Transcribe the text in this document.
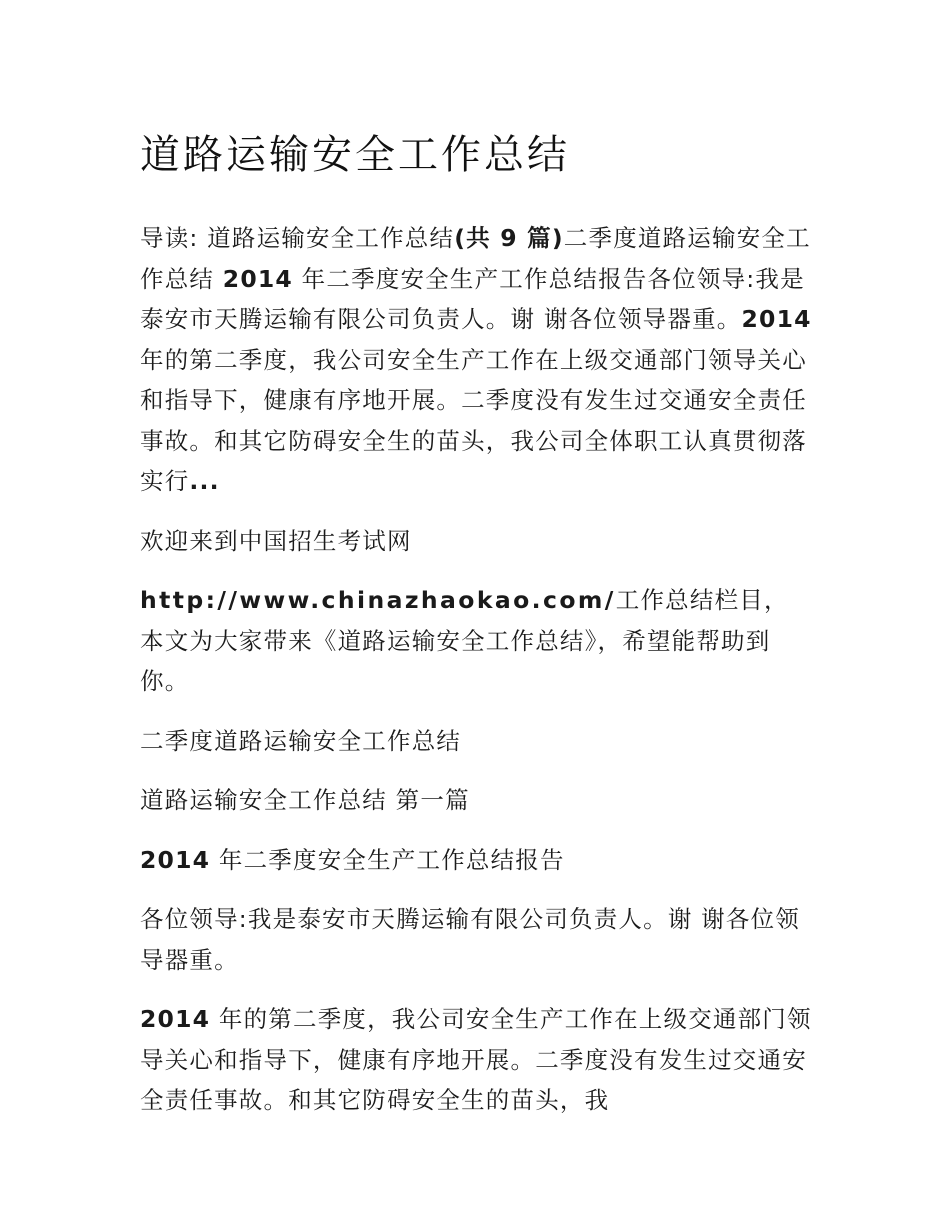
道路运输安全工作总结

导读: 道路运输安全工作总结(共 9 篇)二季度道路运输安全工作总结 2014 年二季度安全生产工作总结报告各位领导:我是泰安市天腾运输有限公司负责人。谢 谢各位领导器重。2014 年的第二季度，我公司安全生产工作在上级交通部门领导关心和指导下，健康有序地开展。二季度没有发生过交通安全责任事故。和其它防碍安全生的苗头，我公司全体职工认真贯彻落实行...

欢迎来到中国招生考试网

http://www.chinazhaokao.com/工作总结栏目，本文为大家带来《道路运输安全工作总结》，希望能帮助到你。

二季度道路运输安全工作总结

道路运输安全工作总结 第一篇

2014 年二季度安全生产工作总结报告

各位领导:我是泰安市天腾运输有限公司负责人。谢 谢各位领导器重。

2014 年的第二季度，我公司安全生产工作在上级交通部门领导关心和指导下，健康有序地开展。二季度没有发生过交通安全责任事故。和其它防碍安全生的苗头，我
